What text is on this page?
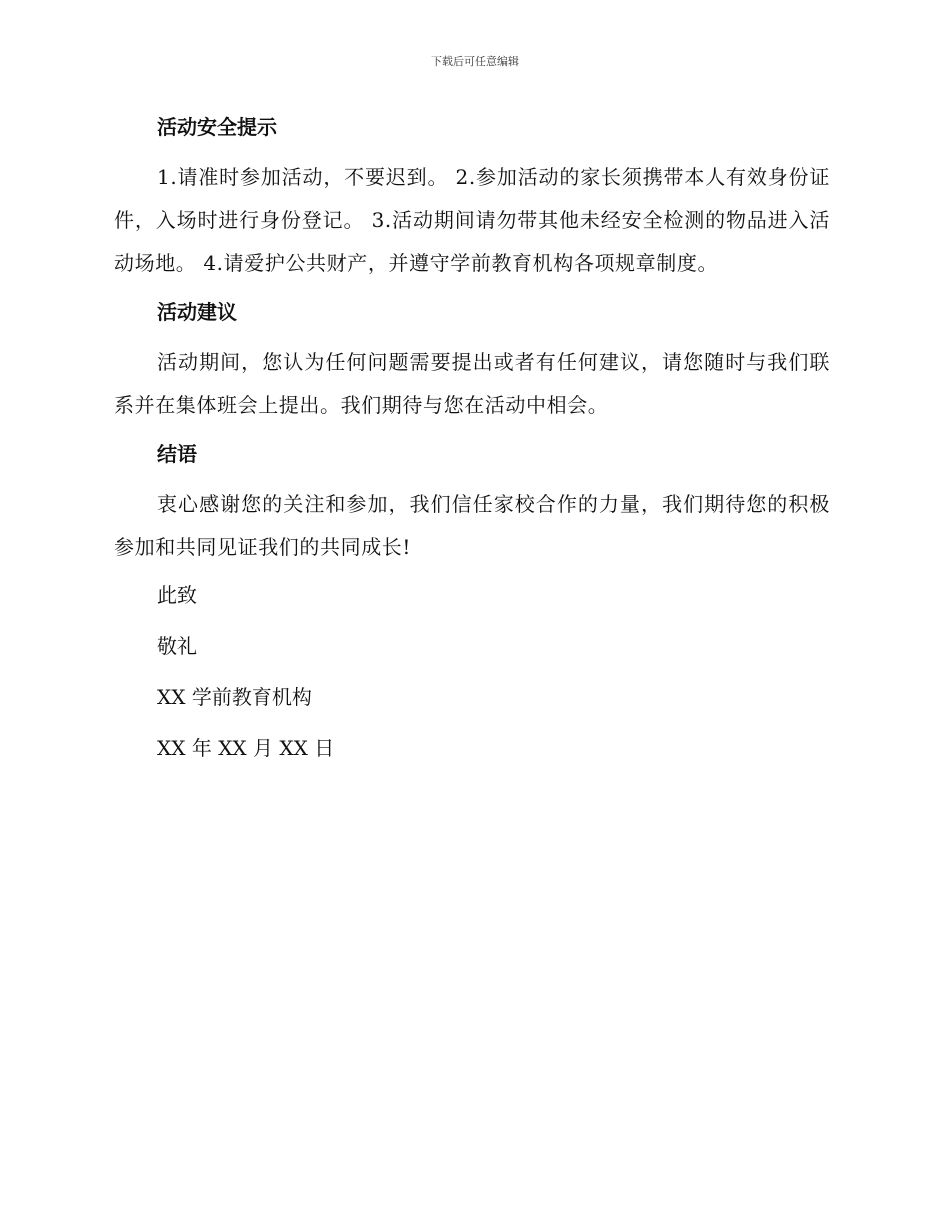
下载后可任意编辑
活动安全提示

1.请准时参加活动，不要迟到。 2.参加活动的家长须携带本人有效身份证件，入场时进行身份登记。 3.活动期间请勿带其他未经安全检测的物品进入活动场地。 4.请爱护公共财产，并遵守学前教育机构各项规章制度。

活动建议

活动期间，您认为任何问题需要提出或者有任何建议，请您随时与我们联系并在集体班会上提出。我们期待与您在活动中相会。

结语

衷心感谢您的关注和参加，我们信任家校合作的力量，我们期待您的积极参加和共同见证我们的共同成长!

此致

敬礼

XX 学前教育机构

XX 年 XX 月 XX 日
